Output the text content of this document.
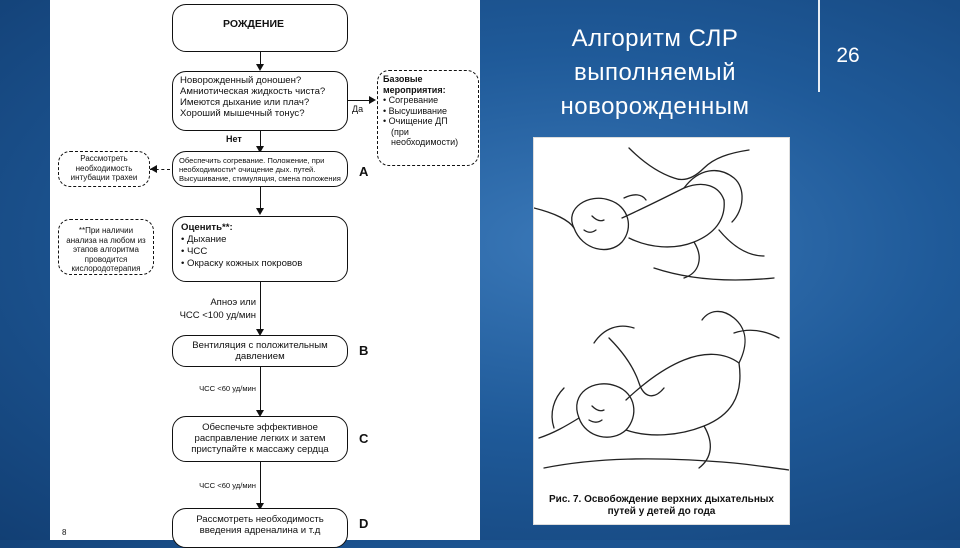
Алгоритм СЛР
выполняемый
новорожденным
26
РОЖДЕНИЕ
Новорожденный доношен?
Амниотическая жидкость чиста?
Имеются дыхание или плач?
Хороший мышечный тонус?	Да
Базовые
мероприятия:
• Согревание
• Высушивание
• Очищение ДП
(при
необходимости)
Нет
Рассмотреть необходимость интубации трахеи
Обеспечить согревание. Положение, при необходимости* очищение дых. путей. Высушивание, стимуляция, смена положения	A
**При наличии анализа на любом из этапов алгоритма проводится кислородотерапия
Оценить**:
• Дыхание
• ЧСС
• Окраску кожных покровов
Апноэ или
ЧСС <100 уд/мин
Вентиляция с положительным давлением	B
ЧСС <60 уд/мин
Обеспечьте эффективное расправление легких и затем приступайте к массажу сердца
C
ЧСС <60 уд/мин
Рассмотреть необходимость введения адреналина и т.д	D
8
Рис. 7. Освобождение верхних дыхательных
путей у детей до года
